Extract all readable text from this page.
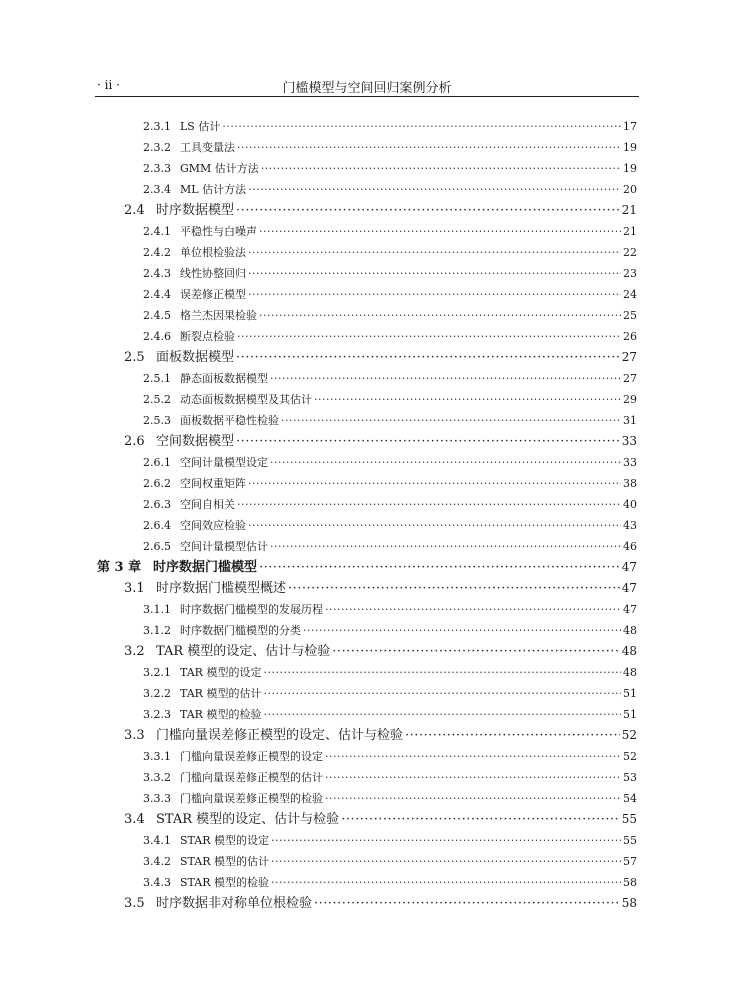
· ii ·	门槛模型与空间回归案例分析
2.3.1 LS 估计 ·····	17
2.3.2 工具变量法 ·····	19
2.3.3 GMM 估计方法 ·····	19
2.3.4 ML 估计方法 ·····	20
2.4 时序数据模型 ·····	21
2.4.1 平稳性与白噪声 ·····	21
2.4.2 单位根检验法 ·····	22
2.4.3 线性协整回归 ·····	23
2.4.4 误差修正模型 ·····	24
2.4.5 格兰杰因果检验 ·····	25
2.4.6 断裂点检验 ·····	26
2.5 面板数据模型 ·····	27
2.5.1 静态面板数据模型 ·····	27
2.5.2 动态面板数据模型及其估计 ·····	29
2.5.3 面板数据平稳性检验 ·····	31
2.6 空间数据模型 ·····	33
2.6.1 空间计量模型设定 ·····	33
2.6.2 空间权重矩阵 ·····	38
2.6.3 空间自相关 ·····	40
2.6.4 空间效应检验 ·····	43
2.6.5 空间计量模型估计 ·····	46
第 3 章 时序数据门槛模型 ·····	47
3.1 时序数据门槛模型概述 ·····	47
3.1.1 时序数据门槛模型的发展历程 ·····	47
3.1.2 时序数据门槛模型的分类 ·····	48
3.2 TAR 模型的设定、估计与检验 ·····	48
3.2.1 TAR 模型的设定 ·····	48
3.2.2 TAR 模型的估计 ·····	51
3.2.3 TAR 模型的检验 ·····	51
3.3 门槛向量误差修正模型的设定、估计与检验 ·····	52
3.3.1 门槛向量误差修正模型的设定 ·····	52
3.3.2 门槛向量误差修正模型的估计 ·····	53
3.3.3 门槛向量误差修正模型的检验 ·····	54
3.4 STAR 模型的设定、估计与检验 ·····	55
3.4.1 STAR 模型的设定 ·····	55
3.4.2 STAR 模型的估计 ·····	57
3.4.3 STAR 模型的检验 ·····	58
3.5 时序数据非对称单位根检验 ·····	58
